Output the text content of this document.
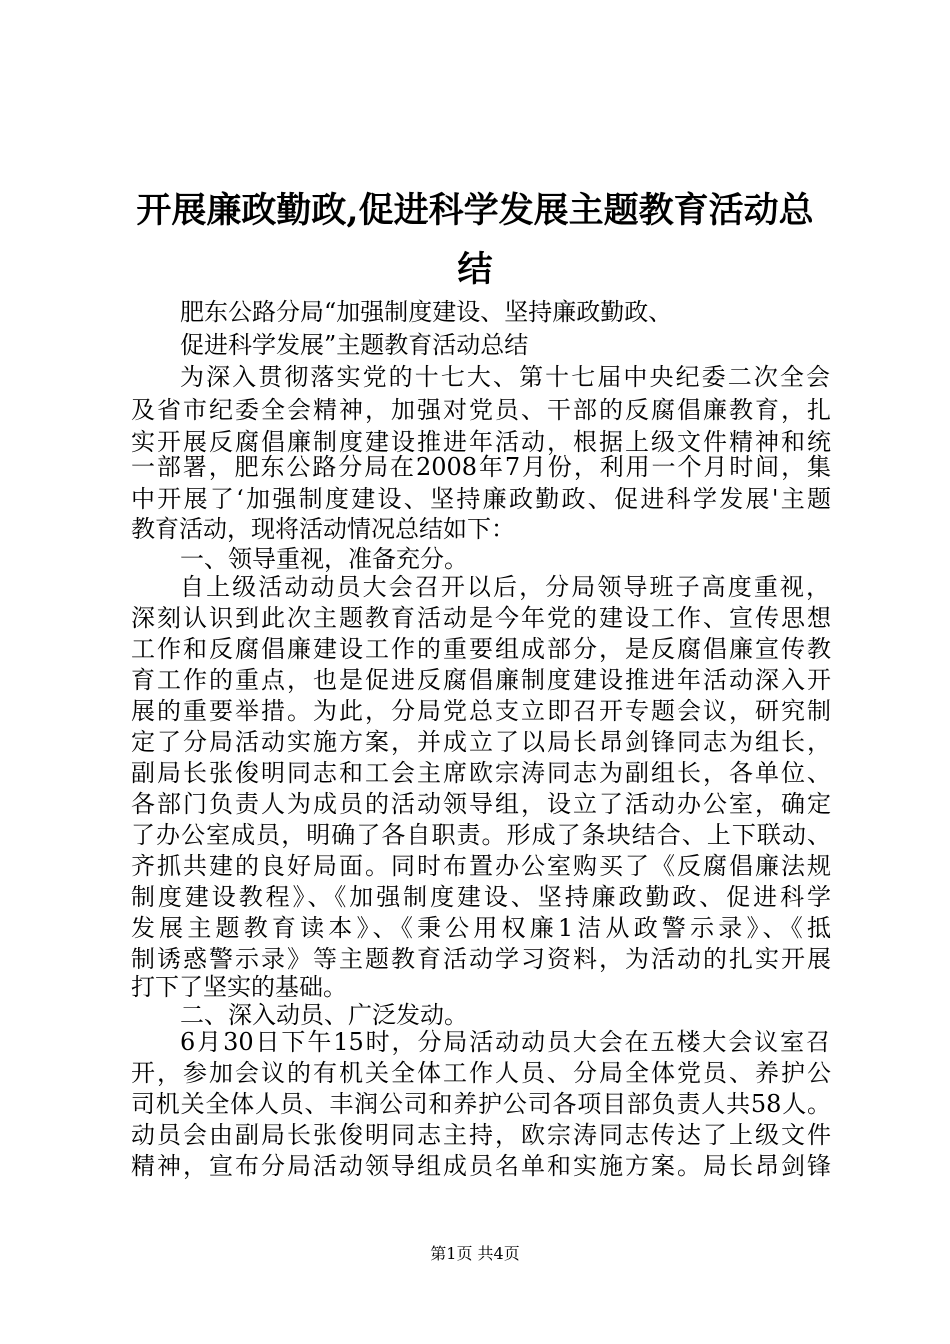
开展廉政勤政,促进科学发展主题教育活动总
结

肥东公路分局“加强制度建设、坚持廉政勤政、

促进科学发展”主题教育活动总结

为深入贯彻落实党的十七大、第十七届中央纪委二次全会

及省市纪委全会精神，加强对党员、干部的反腐倡廉教育，扎

实开展反腐倡廉制度建设推进年活动，根据上级文件精神和统

一部署，肥东公路分局在2008年7月份，利用一个月时间，集

中开展了‘加强制度建设、坚持廉政勤政、促进科学发展'主题

教育活动，现将活动情况总结如下：

一、领导重视，准备充分。

自上级活动动员大会召开以后，分局领导班子高度重视，

深刻认识到此次主题教育活动是今年党的建设工作、宣传思想

工作和反腐倡廉建设工作的重要组成部分，是反腐倡廉宣传教

育工作的重点，也是促进反腐倡廉制度建设推进年活动深入开

展的重要举措。为此，分局党总支立即召开专题会议，研究制

定了分局活动实施方案，并成立了以局长昂剑锋同志为组长，

副局长张俊明同志和工会主席欧宗涛同志为副组长，各单位、

各部门负责人为成员的活动领导组，设立了活动办公室，确定

了办公室成员，明确了各自职责。形成了条块结合、上下联动、

齐抓共建的良好局面。同时布置办公室购买了《反腐倡廉法规

制度建设教程》、《加强制度建设、坚持廉政勤政、促进科学

发展主题教育读本》、《秉公用权廉1洁从政警示录》、《抵

制诱惑警示录》等主题教育活动学习资料，为活动的扎实开展

打下了坚实的基础。

二、深入动员、广泛发动。

6月30日下午15时，分局活动动员大会在五楼大会议室召

开，参加会议的有机关全体工作人员、分局全体党员、养护公

司机关全体人员、丰润公司和养护公司各项目部负责人共58人。

动员会由副局长张俊明同志主持，欧宗涛同志传达了上级文件

精神，宣布分局活动领导组成员名单和实施方案。局长昂剑锋

第1页 共4页
